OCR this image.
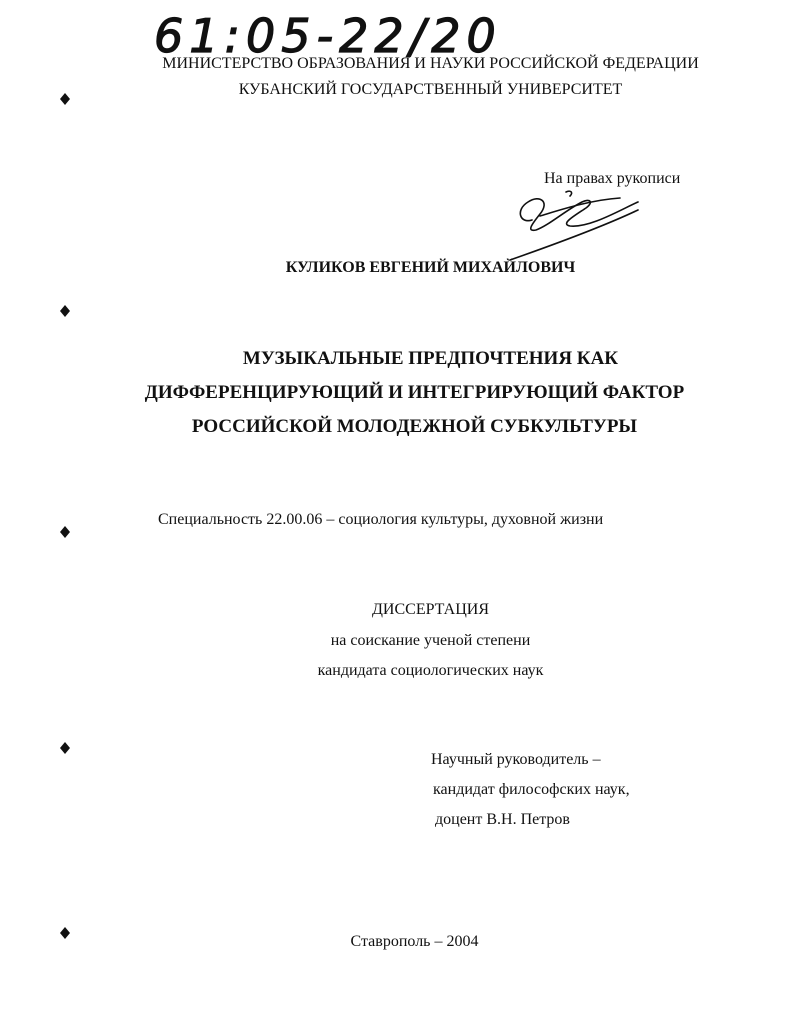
61:05-22/20
МИНИСТЕРСТВО ОБРАЗОВАНИЯ И НАУКИ РОССИЙСКОЙ ФЕДЕРАЦИИ
КУБАНСКИЙ ГОСУДАРСТВЕННЫЙ УНИВЕРСИТЕТ
На правах рукописи
КУЛИКОВ ЕВГЕНИЙ МИХАЙЛОВИЧ
МУЗЫКАЛЬНЫЕ ПРЕДПОЧТЕНИЯ КАК
ДИФФЕРЕНЦИРУЮЩИЙ И ИНТЕГРИРУЮЩИЙ ФАКТОР
РОССИЙСКОЙ МОЛОДЕЖНОЙ СУБКУЛЬТУРЫ
Специальность 22.00.06 – социология культуры, духовной жизни
ДИССЕРТАЦИЯ
на соискание ученой степени
кандидата социологических наук
Научный руководитель –
кандидат философских наук,
доцент В.Н. Петров
Ставрополь – 2004
